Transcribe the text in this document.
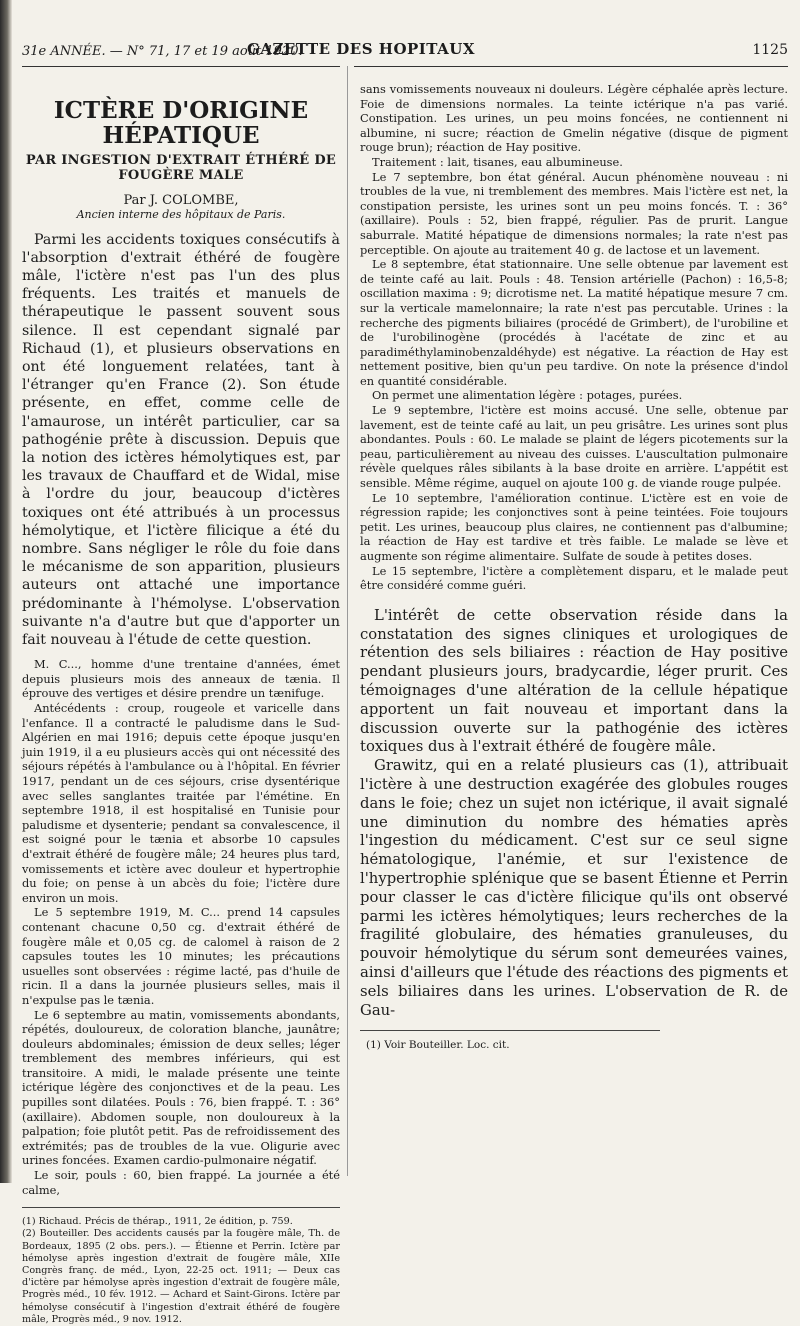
31e ANNÉE. — N° 71, 17 et 19 août 1920.
GAZETTE DES HOPITAUX	1125
ICTÈRE D'ORIGINE HÉPATIQUE
PAR INGESTION D'EXTRAIT ÉTHÉRÉ DE FOUGÈRE MALE
Par J. COLOMBE,
Ancien interne des hôpitaux de Paris.

Parmi les accidents toxiques consécutifs à l'absorption d'extrait éthéré de fougère mâle, l'ictère n'est pas l'un des plus fréquents. Les traités et manuels de thérapeutique le passent souvent sous silence. Il est cependant signalé par Richaud (1), et plusieurs observations en ont été longuement relatées, tant à l'étranger qu'en France (2). Son étude présente, en effet, comme celle de l'amaurose, un intérêt particulier, car sa pathogénie prête à discussion. Depuis que la notion des ictères hémolytiques est, par les travaux de Chauffard et de Widal, mise à l'ordre du jour, beaucoup d'ictères toxiques ont été attribués à un processus hémolytique, et l'ictère filicique a été du nombre. Sans négliger le rôle du foie dans le mécanisme de son apparition, plusieurs auteurs ont attaché une importance prédominante à l'hémolyse. L'observation suivante n'a d'autre but que d'apporter un fait nouveau à l'étude de cette question.

M. C..., homme d'une trentaine d'années, émet depuis plusieurs mois des anneaux de tænia. Il éprouve des vertiges et désire prendre un tænifuge.

Antécédents : croup, rougeole et varicelle dans l'enfance. Il a contracté le paludisme dans le Sud-Algérien en mai 1916; depuis cette époque jusqu'en juin 1919, il a eu plusieurs accès qui ont nécessité des séjours répétés à l'ambulance ou à l'hôpital. En février 1917, pendant un de ces séjours, crise dysentérique avec selles sanglantes traitée par l'émétine. En septembre 1918, il est hospitalisé en Tunisie pour paludisme et dysenterie; pendant sa convalescence, il est soigné pour le tænia et absorbe 10 capsules d'extrait éthéré de fougère mâle; 24 heures plus tard, vomissements et ictère avec douleur et hypertrophie du foie; on pense à un abcès du foie; l'ictère dure environ un mois.

Le 5 septembre 1919, M. C... prend 14 capsules contenant chacune 0,50 cg. d'extrait éthéré de fougère mâle et 0,05 cg. de calomel à raison de 2 capsules toutes les 10 minutes; les précautions usuelles sont observées : régime lacté, pas d'huile de ricin. Il a dans la journée plusieurs selles, mais il n'expulse pas le tænia.

Le 6 septembre au matin, vomissements abondants, répétés, douloureux, de coloration blanche, jaunâtre; douleurs abdominales; émission de deux selles; léger tremblement des membres inférieurs, qui est transitoire. A midi, le malade présente une teinte ictérique légère des conjonctives et de la peau. Les pupilles sont dilatées. Pouls : 76, bien frappé. T. : 36° (axillaire). Abdomen souple, non douloureux à la palpation; foie plutôt petit. Pas de refroidissement des extrémités; pas de troubles de la vue. Oligurie avec urines foncées. Examen cardio-pulmonaire négatif.

Le soir, pouls : 60, bien frappé. La journée a été calme,

(1) Richaud. Précis de thérap., 1911, 2e édition, p. 759.

(2) Bouteiller. Des accidents causés par la fougère mâle, Th. de Bordeaux, 1895 (2 obs. pers.). — Étienne et Perrin. Ictère par hémolyse après ingestion d'extrait de fougère mâle, XIIe Congrès franç. de méd., Lyon, 22-25 oct. 1911; — Deux cas d'ictère par hémolyse après ingestion d'extrait de fougère mâle, Progrès méd., 10 fév. 1912. — Achard et Saint-Girons. Ictère par hémolyse consécutif à l'ingestion d'extrait éthéré de fougère mâle, Progrès méd., 9 nov. 1912.

sans vomissements nouveaux ni douleurs. Légère céphalée après lecture. Foie de dimensions normales. La teinte ictérique n'a pas varié. Constipation. Les urines, un peu moins foncées, ne contiennent ni albumine, ni sucre; réaction de Gmelin négative (disque de pigment rouge brun); réaction de Hay positive.

Traitement : lait, tisanes, eau albumineuse.

Le 7 septembre, bon état général. Aucun phénomène nouveau : ni troubles de la vue, ni tremblement des membres. Mais l'ictère est net, la constipation persiste, les urines sont un peu moins foncés. T. : 36° (axillaire). Pouls : 52, bien frappé, régulier. Pas de prurit. Langue saburrale. Matité hépatique de dimensions normales; la rate n'est pas perceptible. On ajoute au traitement 40 g. de lactose et un lavement.

Le 8 septembre, état stationnaire. Une selle obtenue par lavement est de teinte café au lait. Pouls : 48. Tension artérielle (Pachon) : 16,5-8; oscillation maxima : 9; dicrotisme net. La matité hépatique mesure 7 cm. sur la verticale mamelonnaire; la rate n'est pas percutable. Urines : la recherche des pigments biliaires (procédé de Grimbert), de l'urobiline et de l'urobilinogène (procédés à l'acétate de zinc et au paradiméthylaminobenzaldéhyde) est négative. La réaction de Hay est nettement positive, bien qu'un peu tardive. On note la présence d'indol en quantité considérable.

On permet une alimentation légère : potages, purées.

Le 9 septembre, l'ictère est moins accusé. Une selle, obtenue par lavement, est de teinte café au lait, un peu grisâtre. Les urines sont plus abondantes. Pouls : 60. Le malade se plaint de légers picotements sur la peau, particulièrement au niveau des cuisses. L'auscultation pulmonaire révèle quelques râles sibilants à la base droite en arrière. L'appétit est sensible. Même régime, auquel on ajoute 100 g. de viande rouge pulpée.

Le 10 septembre, l'amélioration continue. L'ictère est en voie de régression rapide; les conjonctives sont à peine teintées. Foie toujours petit. Les urines, beaucoup plus claires, ne contiennent pas d'albumine; la réaction de Hay est tardive et très faible. Le malade se lève et augmente son régime alimentaire. Sulfate de soude à petites doses.

Le 15 septembre, l'ictère a complètement disparu, et le malade peut être considéré comme guéri.

L'intérêt de cette observation réside dans la constatation des signes cliniques et urologiques de rétention des sels biliaires : réaction de Hay positive pendant plusieurs jours, bradycardie, léger prurit. Ces témoignages d'une altération de la cellule hépatique apportent un fait nouveau et important dans la discussion ouverte sur la pathogénie des ictères toxiques dus à l'extrait éthéré de fougère mâle.

Grawitz, qui en a relaté plusieurs cas (1), attribuait l'ictère à une destruction exagérée des globules rouges dans le foie; chez un sujet non ictérique, il avait signalé une diminution du nombre des hématies après l'ingestion du médicament. C'est sur ce seul signe hématologique, l'anémie, et sur l'existence de l'hypertrophie splénique que se basent Étienne et Perrin pour classer le cas d'ictère filicique qu'ils ont observé parmi les ictères hémolytiques; leurs recherches de la fragilité globulaire, des hématies granuleuses, du pouvoir hémolytique du sérum sont demeurées vaines, ainsi d'ailleurs que l'étude des réactions des pigments et sels biliaires dans les urines. L'observation de R. de Gau-

(1) Voir Bouteiller. Loc. cit.
